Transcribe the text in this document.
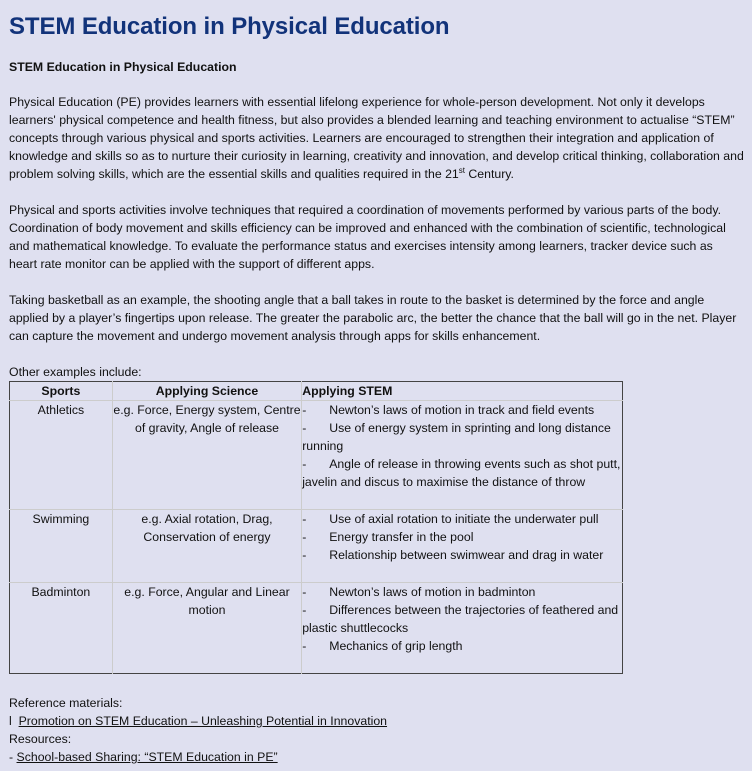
STEM Education in Physical Education
STEM Education in Physical Education

Physical Education (PE) provides learners with essential lifelong experience for whole-person development. Not only it develops learners' physical competence and health fitness, but also provides a blended learning and teaching environment to actualise “STEM” concepts through various physical and sports activities. Learners are encouraged to strengthen their integration and application of knowledge and skills so as to nurture their curiosity in learning, creativity and innovation, and develop critical thinking, collaboration and problem solving skills, which are the essential skills and qualities required in the 21st Century.

Physical and sports activities involve techniques that required a coordination of movements performed by various parts of the body. Coordination of body movement and skills efficiency can be improved and enhanced with the combination of scientific, technological and mathematical knowledge. To evaluate the performance status and exercises intensity among learners, tracker device such as heart rate monitor can be applied with the support of different apps.

Taking basketball as an example, the shooting angle that a ball takes in route to the basket is determined by the force and angle applied by a player’s fingertips upon release. The greater the parabolic arc, the better the chance that the ball will go in the net. Player can capture the movement and undergo movement analysis through apps for skills enhancement.

Other examples include:
Sports	Applying Science	Applying STEM
Athletics	e.g. Force, Energy system, Centre of gravity, Angle of release	- Newton’s laws of motion in track and field events
- Use of energy system in sprinting and long distance running
- Angle of release in throwing events such as shot putt, javelin and discus to maximise the distance of throw

Swimming	e.g. Axial rotation, Drag, Conservation of energy	- Use of axial rotation to initiate the underwater pull
- Energy transfer in the pool
- Relationship between swimwear and drag in water

Badminton	e.g. Force, Angular and Linear motion	- Newton’s laws of motion in badminton
- Differences between the trajectories of feathered and plastic shuttlecocks
- Mechanics of grip length
Reference materials:
l Promotion on STEM Education – Unleashing Potential in Innovation
Resources:
- School-based Sharing: “STEM Education in PE”
